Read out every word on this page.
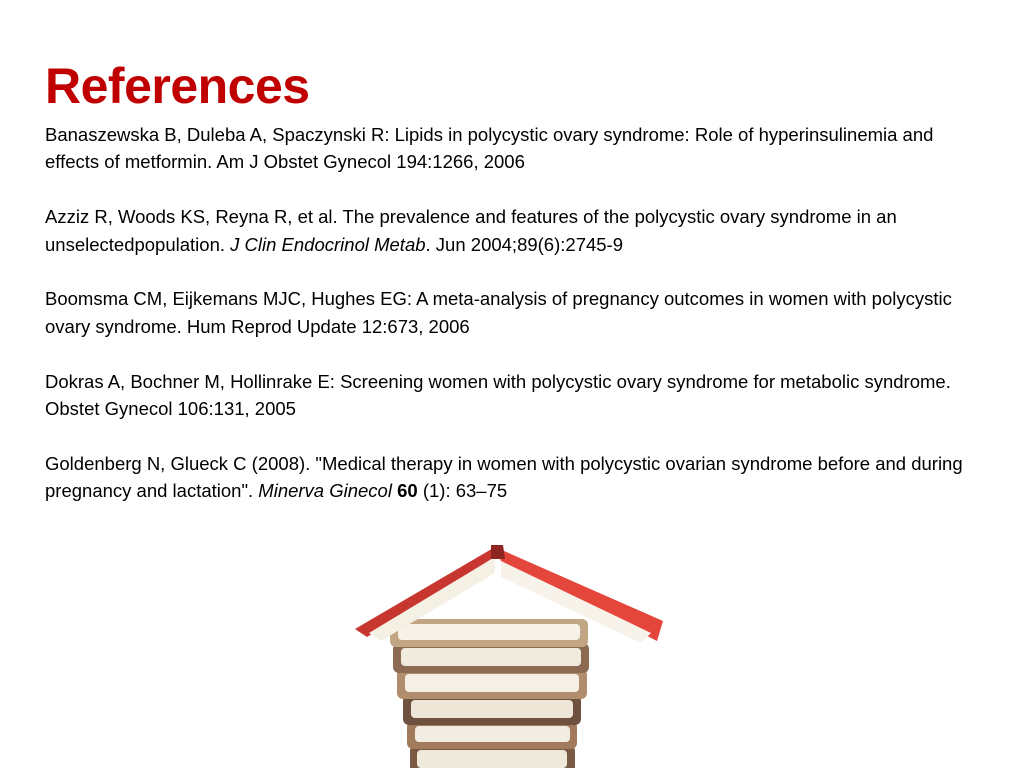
References

Banaszewska B, Duleba A, Spaczynski R: Lipids in polycystic ovary syndrome: Role of hyperinsulinemia and effects of metformin. Am J Obstet Gynecol 194:1266, 2006

Azziz R, Woods KS, Reyna R, et al. The prevalence and features of the polycystic ovary syndrome in an unselectedpopulation. J Clin Endocrinol Metab. Jun 2004;89(6):2745-9

Boomsma CM, Eijkemans MJC, Hughes EG: A meta-analysis of pregnancy outcomes in women with polycystic ovary syndrome. Hum Reprod Update 12:673, 2006

Dokras A, Bochner M, Hollinrake E: Screening women with polycystic ovary syndrome for metabolic syndrome. Obstet Gynecol 106:131, 2005

Goldenberg N, Glueck C (2008). "Medical therapy in women with polycystic ovarian syndrome before and during pregnancy and lactation". Minerva Ginecol 60 (1): 63–75
